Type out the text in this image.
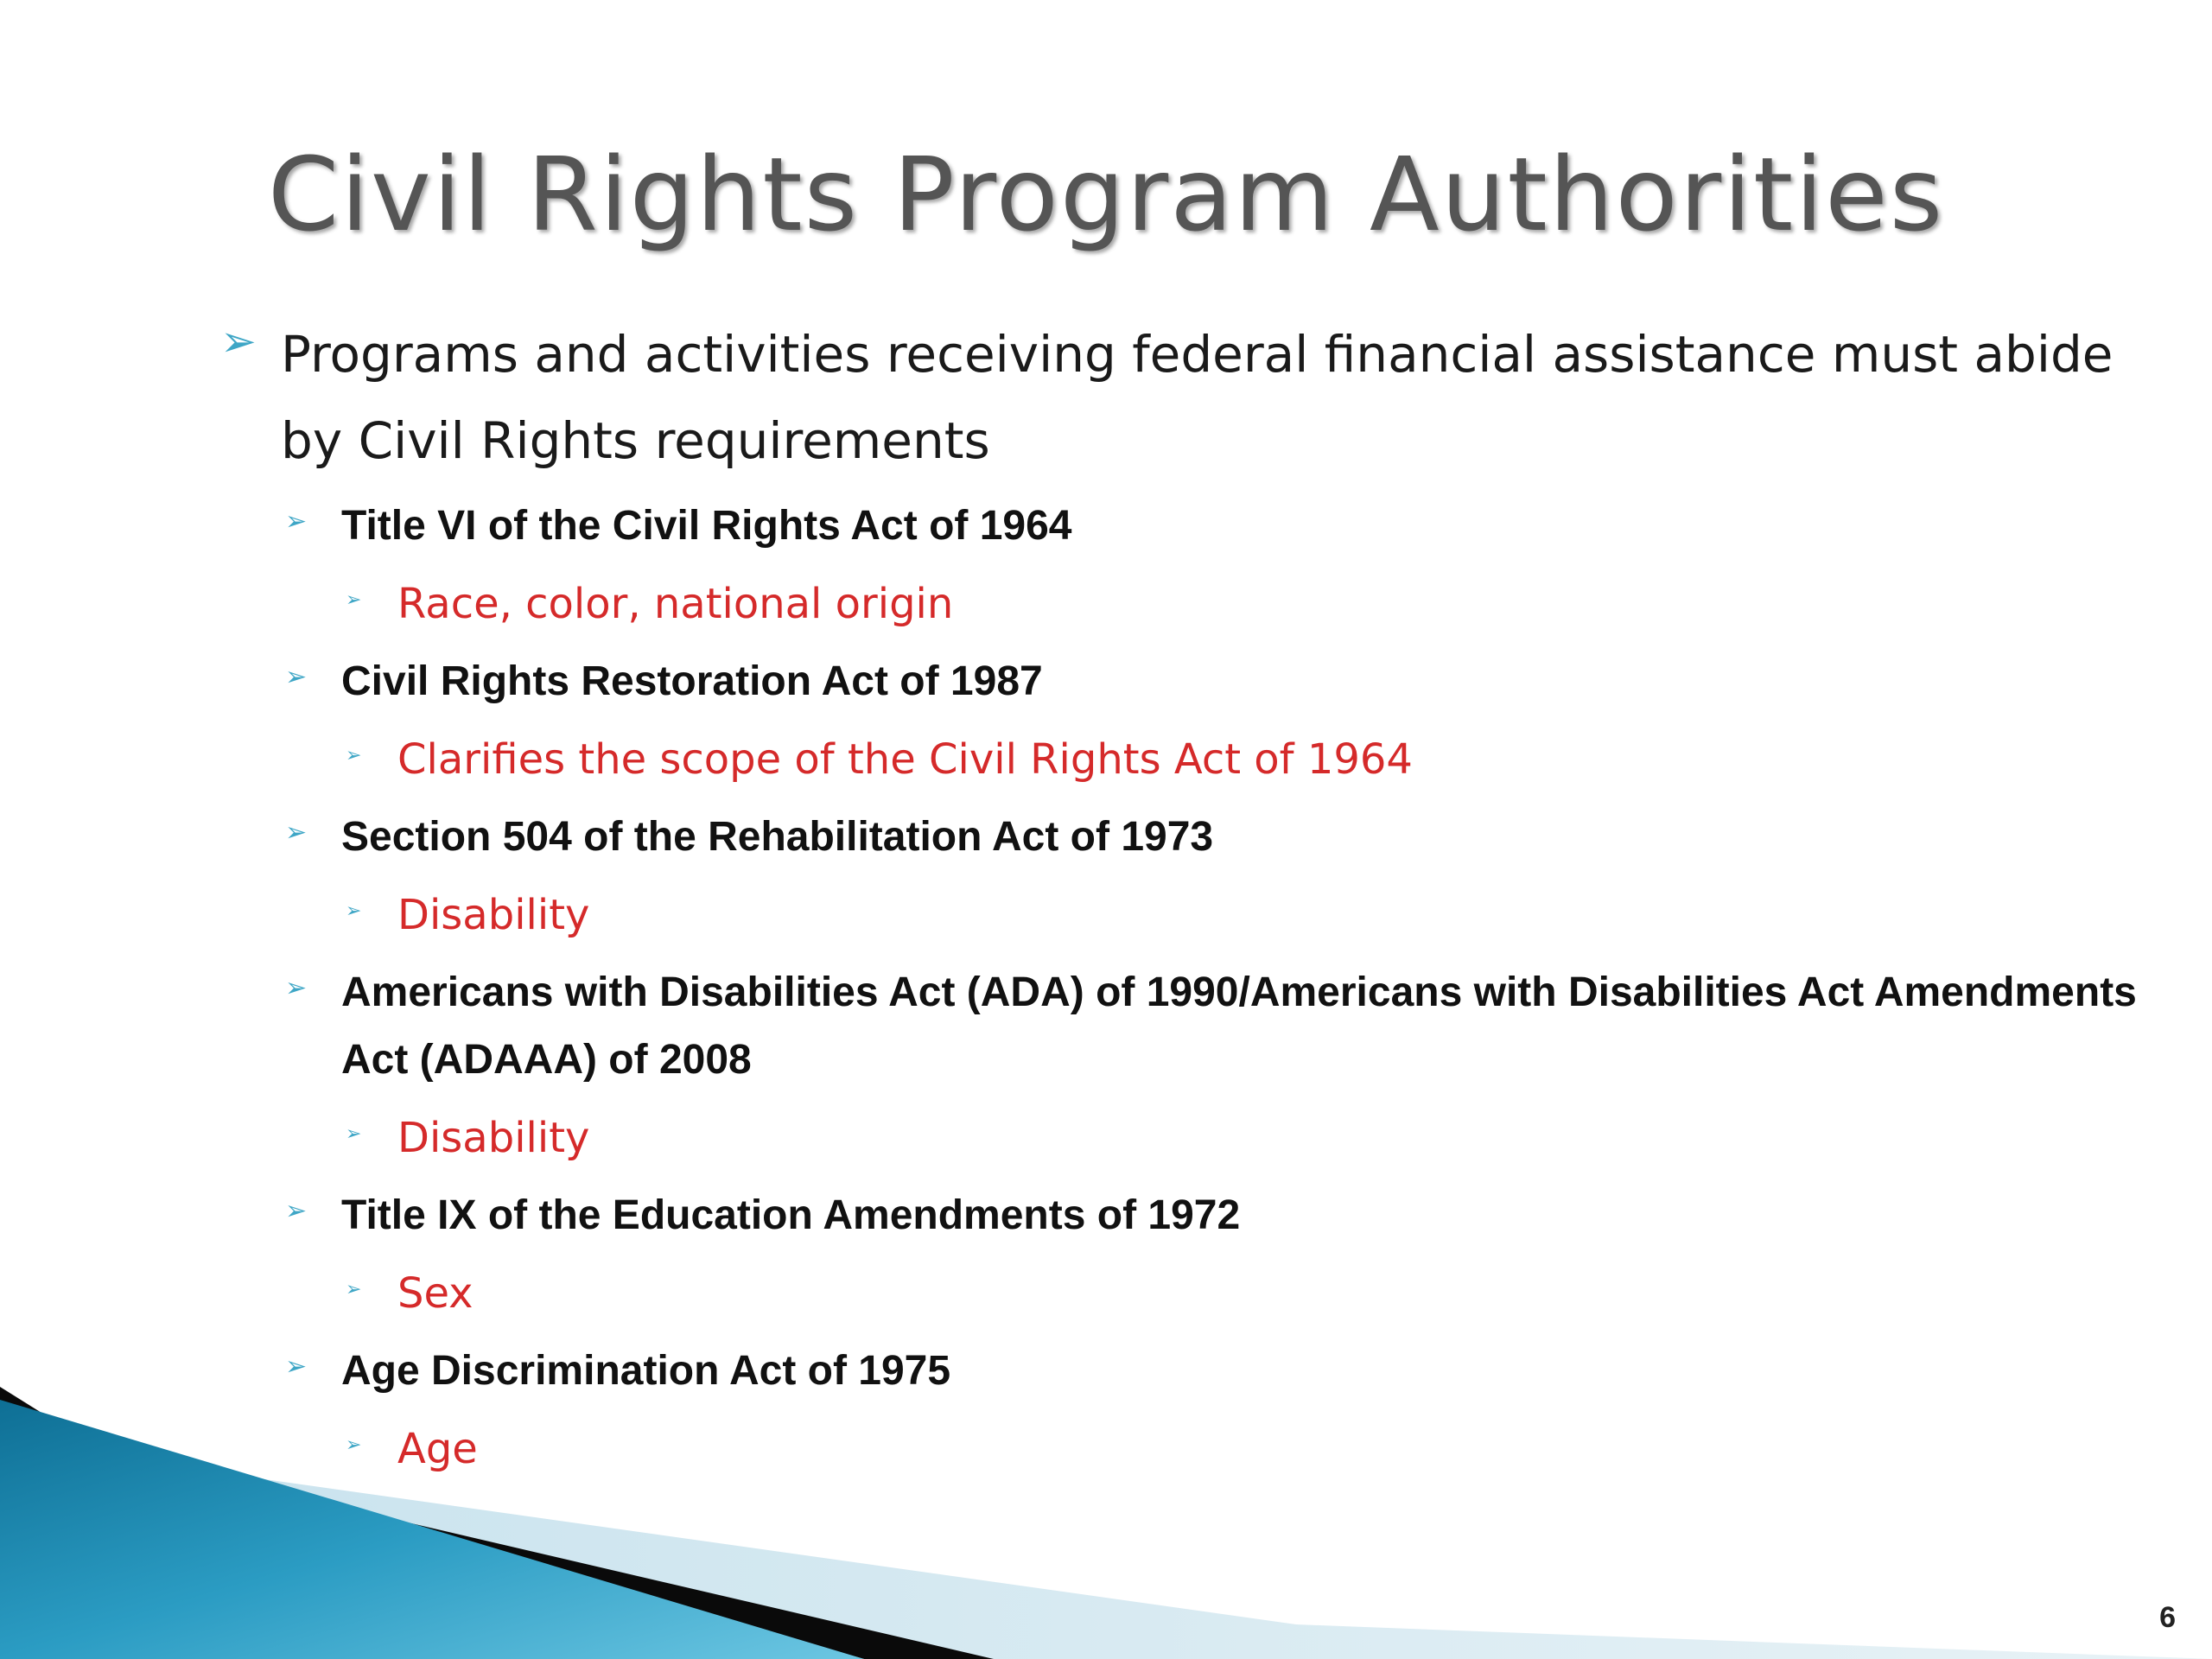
Civil Rights Program Authorities
➢ Programs and activities receiving federal financial assistance must abide by Civil Rights requirements
➢ Title VI of the Civil Rights Act of 1964
➢ Race, color, national origin
➢ Civil Rights Restoration Act of 1987
➢ Clarifies the scope of the Civil Rights Act of 1964
➢ Section 504 of the Rehabilitation Act of 1973
➢ Disability
➢ Americans with Disabilities Act (ADA) of 1990/Americans with Disabilities Act Amendments Act (ADAAA) of 2008
➢ Disability
➢ Title IX of the Education Amendments of 1972
➢ Sex
➢ Age Discrimination Act of 1975
➢ Age
6
